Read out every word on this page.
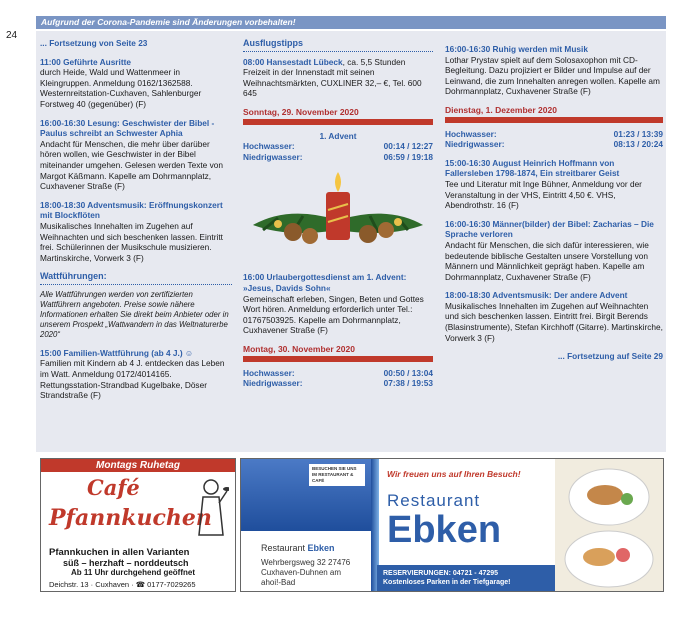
24
Aufgrund der Corona-Pandemie sind Änderungen vorbehalten!
... Fortsetzung von Seite 23
11:00 Geführte Ausritte
durch Heide, Wald und Wattenmeer in Kleingruppen. Anmeldung 0162/1362588. Westernreitstation-Cuxhaven, Sahlenburger Forstweg 40 (gegenüber) (F)
16:00-16:30 Lesung: Geschwister der Bibel - Paulus schreibt an Schwester Aphia
Andacht für Menschen, die mehr über darüber hören wollen, wie Geschwister in der Bibel miteinander umgehen. Gelesen werden Texte von Margot Käßmann. Kapelle am Dohrmannplatz, Cuxhavener Straße (F)
18:00-18:30 Adventsmusik: Eröffnungskonzert mit Blockflöten
Musikalisches Innehalten im Zugehen auf Weihnachten und sich beschenken lassen. Eintritt frei. Schülerinnen der Musikschule musizieren. Martinskirche, Vorwerk 3 (F)
Wattführungen:
Alle Wattführungen werden von zertifizierten Wattführern angeboten. Preise sowie nähere Informationen erhalten Sie direkt beim Anbieter oder in unserem Prospekt „Wattwandern in das Weltnaturerbe 2020“
15:00 Familien-Wattführung (ab 4 J.) ☺
Familien mit Kindern ab 4 J. entdecken das Leben im Watt. Anmeldung 0172/4014165. Rettungsstation-Strandbad Kugelbake, Döser Strandstraße (F)
Ausflugstipps
08:00 Hansestadt Lübeck, ca. 5,5 Stunden Freizeit in der Innenstadt mit seinen Weihnachtsmärkten, CUXLINER 32,– €, Tel. 600 645
Sonntag, 29. November 2020
1. Advent
Hochwasser:	00:14 / 12:27
Niedrigwasser:	06:59 / 19:18
16:00 Urlaubergottesdienst am 1. Advent: »Jesus, Davids Sohn«
Gemeinschaft erleben, Singen, Beten und Gottes Wort hören. Anmeldung erforderlich unter Tel.: 01767503925. Kapelle am Dohrmannplatz, Cuxhavener Straße (F)
Montag, 30. November 2020
Hochwasser:	00:50 / 13:04
Niedrigwasser:	07:38 / 19:53
16:00-16:30 Ruhig werden mit Musik
Lothar Prystav spielt auf dem Solosaxophon mit CD-Begleitung. Dazu projiziert er Bilder und Impulse auf der Leinwand, die zum Innehalten anregen wollen. Kapelle am Dohrmannplatz, Cuxhavener Straße (F)
Dienstag, 1. Dezember 2020
Hochwasser:	01:23 / 13:39
Niedrigwasser:	08:13 / 20:24
15:00-16:30 August Heinrich Hoffmann von Fallersleben 1798-1874, Ein streitbarer Geist
Tee und Literatur mit Inge Bühner, Anmeldung vor der Veranstaltung in der VHS, Eintritt 4,50 €. VHS, Abendrothstr. 16 (F)
16:00-16:30 Männer(bilder) der Bibel: Zacharias – Die Sprache verloren
Andacht für Menschen, die sich dafür interessieren, wie bedeutende biblische Gestalten unsere Vorstellung von Männern und Männlichkeit geprägt haben. Kapelle am Dohrmannplatz, Cuxhavener Straße (F)
18:00-18:30 Adventsmusik: Der andere Advent
Musikalisches Innehalten im Zugehen auf Weihnachten und sich beschenken lassen. Eintritt frei. Birgit Berends (Blasinstrumente), Stefan Kirchhoff (Gitarre). Martinskirche, Vorwerk 3 (F)
... Fortsetzung auf Seite 29
Montags Ruhetag
Café
Pfannkuchen
Pfannkuchen in allen Varianten
süß – herzhaft – norddeutsch
Ab 11 Uhr durchgehend geöffnet
Deichstr. 13 · Cuxhaven · ☎ 0177-7029265
BESUCHEN SIE UNS IM RESTAURANT & CAFÉ
Restaurant Ebken
Wehrbergsweg 32 27476 Cuxhaven-Duhnen am ahoi!-Bad
Wir freuen uns auf Ihren Besuch!
Restaurant
Ebken
RESERVIERUNGEN: 04721 - 47295
Kostenloses Parken in der Tiefgarage!
